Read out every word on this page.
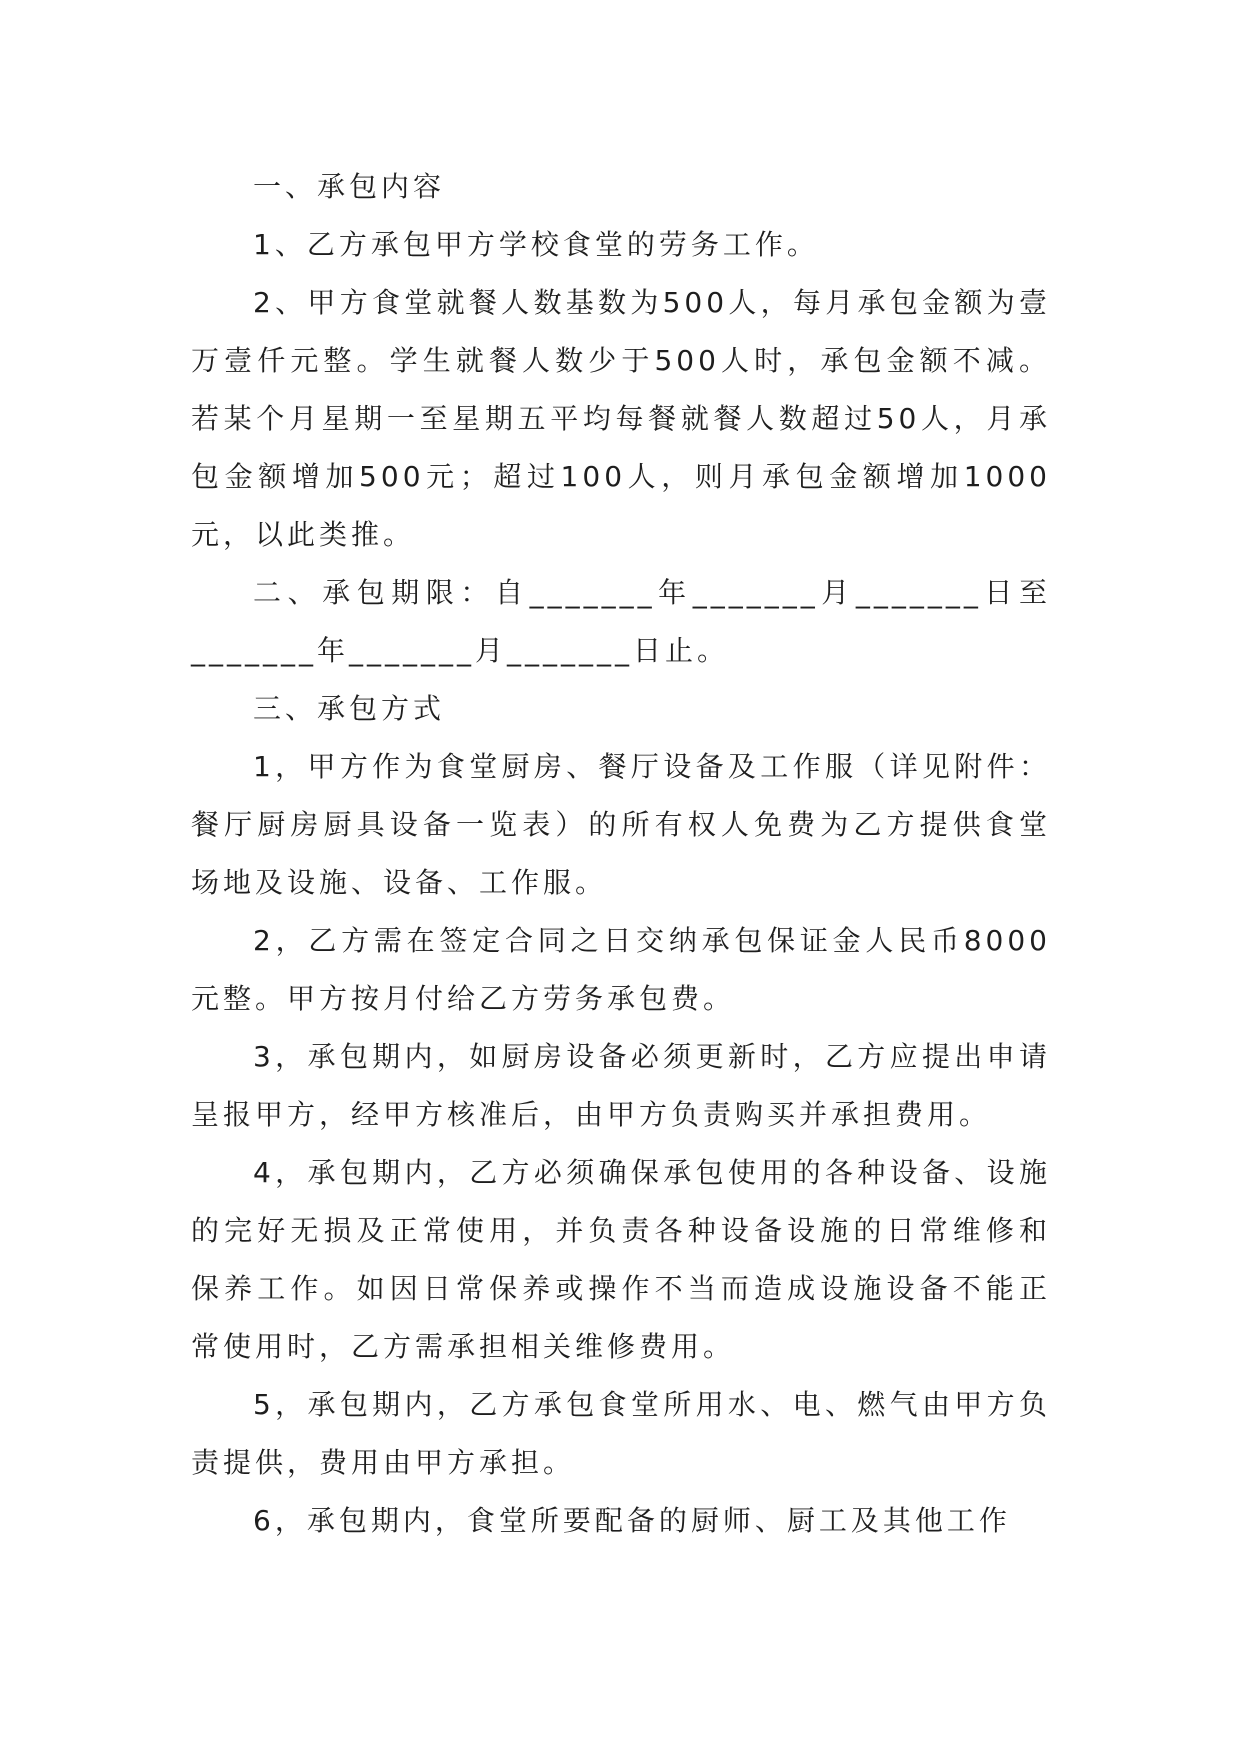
一、承包内容

1、乙方承包甲方学校食堂的劳务工作。

2、甲方食堂就餐人数基数为500人，每月承包金额为壹万壹仟元整。学生就餐人数少于500人时，承包金额不减。若某个月星期一至星期五平均每餐就餐人数超过50人，月承包金额增加500元；超过100人，则月承包金额增加1000元，以此类推。

二、承包期限：自_______年_______月_______日至_______年_______月_______日止。

三、承包方式

1，甲方作为食堂厨房、餐厅设备及工作服（详见附件：餐厅厨房厨具设备一览表）的所有权人免费为乙方提供食堂场地及设施、设备、工作服。

2，乙方需在签定合同之日交纳承包保证金人民币8000元整。甲方按月付给乙方劳务承包费。

3，承包期内，如厨房设备必须更新时，乙方应提出申请呈报甲方，经甲方核准后，由甲方负责购买并承担费用。

4，承包期内，乙方必须确保承包使用的各种设备、设施的完好无损及正常使用，并负责各种设备设施的日常维修和保养工作。如因日常保养或操作不当而造成设施设备不能正常使用时，乙方需承担相关维修费用。

5，承包期内，乙方承包食堂所用水、电、燃气由甲方负责提供，费用由甲方承担。

6，承包期内，食堂所要配备的厨师、厨工及其他工作
